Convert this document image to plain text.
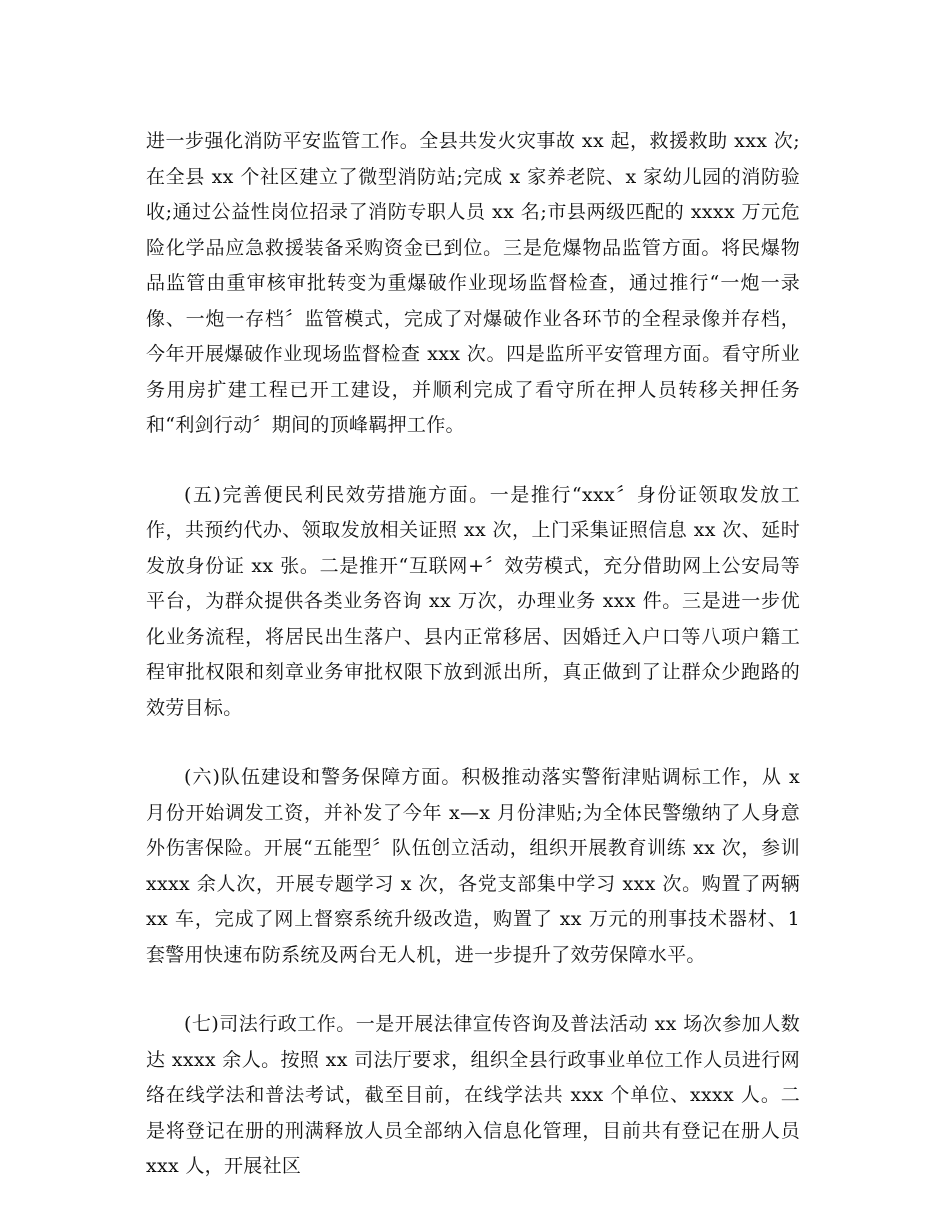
进一步强化消防平安监管工作。全县共发火灾事故 xx 起，救援救助 xxx 次;在全县 xx 个社区建立了微型消防站;完成 x 家养老院、x 家幼儿园的消防验收;通过公益性岗位招录了消防专职人员 xx 名;市县两级匹配的 xxxx 万元危险化学品应急救援装备采购资金已到位。三是危爆物品监管方面。将民爆物品监管由重审核审批转变为重爆破作业现场监督检查，通过推行“一炮一录像、一炮一存档〞监管模式，完成了对爆破作业各环节的全程录像并存档，今年开展爆破作业现场监督检查 xxx 次。四是监所平安管理方面。看守所业务用房扩建工程已开工建设，并顺利完成了看守所在押人员转移关押任务和“利剑行动〞期间的顶峰羁押工作。

(五)完善便民利民效劳措施方面。一是推行“xxx〞身份证领取发放工作，共预约代办、领取发放相关证照 xx 次，上门采集证照信息 xx 次、延时发放身份证 xx 张。二是推开“互联网+〞效劳模式，充分借助网上公安局等平台，为群众提供各类业务咨询 xx 万次，办理业务 xxx 件。三是进一步优化业务流程，将居民出生落户、县内正常移居、因婚迁入户口等八项户籍工程审批权限和刻章业务审批权限下放到派出所，真正做到了让群众少跑路的效劳目标。

(六)队伍建设和警务保障方面。积极推动落实警衔津贴调标工作，从 x 月份开始调发工资，并补发了今年 x—x 月份津贴;为全体民警缴纳了人身意外伤害保险。开展“五能型〞队伍创立活动，组织开展教育训练 xx 次，参训 xxxx 余人次，开展专题学习 x 次，各党支部集中学习 xxx 次。购置了两辆 xx 车，完成了网上督察系统升级改造，购置了 xx 万元的刑事技术器材、1 套警用快速布防系统及两台无人机，进一步提升了效劳保障水平。

(七)司法行政工作。一是开展法律宣传咨询及普法活动 xx 场次参加人数达 xxxx 余人。按照 xx 司法厅要求，组织全县行政事业单位工作人员进行网络在线学法和普法考试，截至目前，在线学法共 xxx 个单位、xxxx 人。二是将登记在册的刑满释放人员全部纳入信息化管理，目前共有登记在册人员 xxx 人，开展社区
